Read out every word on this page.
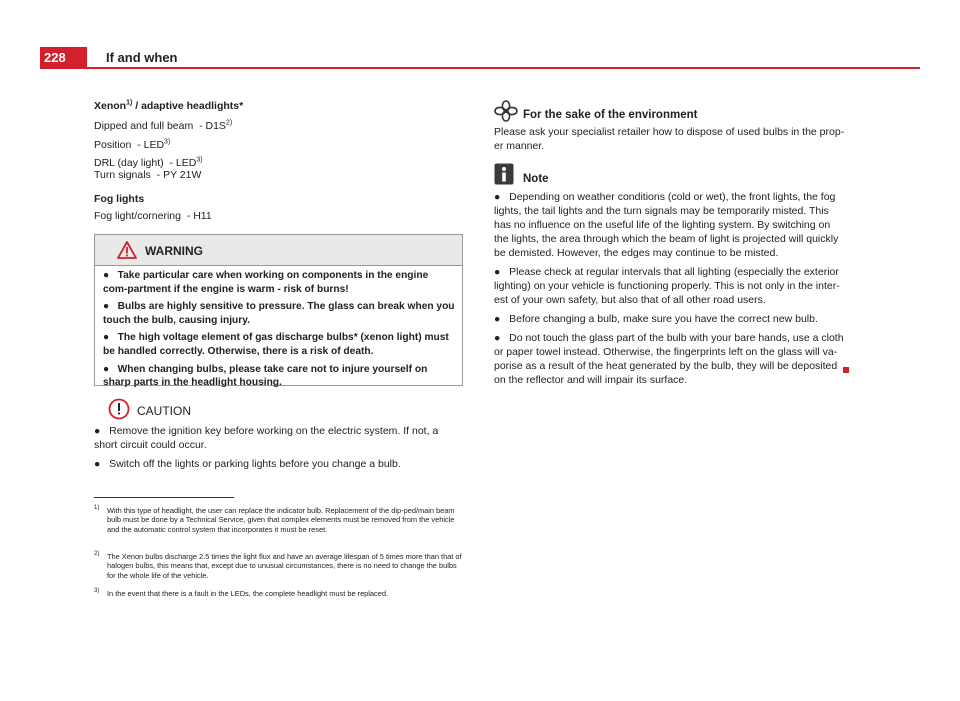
228	If and when
Xenon$^{1)}$ / adaptive headlights*
Dipped and full beam - $D1S^{2)}$
Position - LED$^{3)}$
DRL (day light) - LED$^{3)}$
Turn signals - PY 21W
Fog lights
Fog light/cornering - H11
WARNING

● Take particular care when working on components in the engine com-partment if the engine is warm - risk of burns!

● Bulbs are highly sensitive to pressure. The glass can break when you touch the bulb, causing injury.

● The high voltage element of gas discharge bulbs* (xenon light) must be handled correctly. Otherwise, there is a risk of death.

● When changing bulbs, please take care not to injure yourself on sharp parts in the headlight housing.

CAUTION

● Remove the ignition key before working on the electric system. If not, a short circuit could occur.

● Switch off the lights or parking lights before you change a bulb.

1) With this type of headlight, the user can replace the indicator bulb. Replacement of the dip-ped/main beam bulb must be done by a Technical Service, given that complex elements must be removed from the vehicle and the automatic control system that incorporates it must be reset.
2) The Xenon bulbs discharge 2.5 times the light flux and have an average lifespan of 5 times more than that of halogen bulbs, this means that, except due to unusual circumstances, there is no need to change the bulbs for the whole life of the vehicle.
3) In the event that there is a fault in the LEDs, the complete headlight must be replaced.
For the sake of the environment
Please ask your specialist retailer how to dispose of used bulbs in the prop-er manner.
Note

● Depending on weather conditions (cold or wet), the front lights, the fog lights, the tail lights and the turn signals may be temporarily misted. This has no influence on the useful life of the lighting system. By switching on the lights, the area through which the beam of light is projected will quickly be demisted. However, the edges may continue to be misted.

● Please check at regular intervals that all lighting (especially the exterior lighting) on your vehicle is functioning properly. This is not only in the inter-est of your own safety, but also that of all other road users.

● Before changing a bulb, make sure you have the correct new bulb.

● Do not touch the glass part of the bulb with your bare hands, use a cloth or paper towel instead. Otherwise, the fingerprints left on the glass will va-porise as a result of the heat generated by the bulb, they will be deposited on the reflector and will impair its surface.
